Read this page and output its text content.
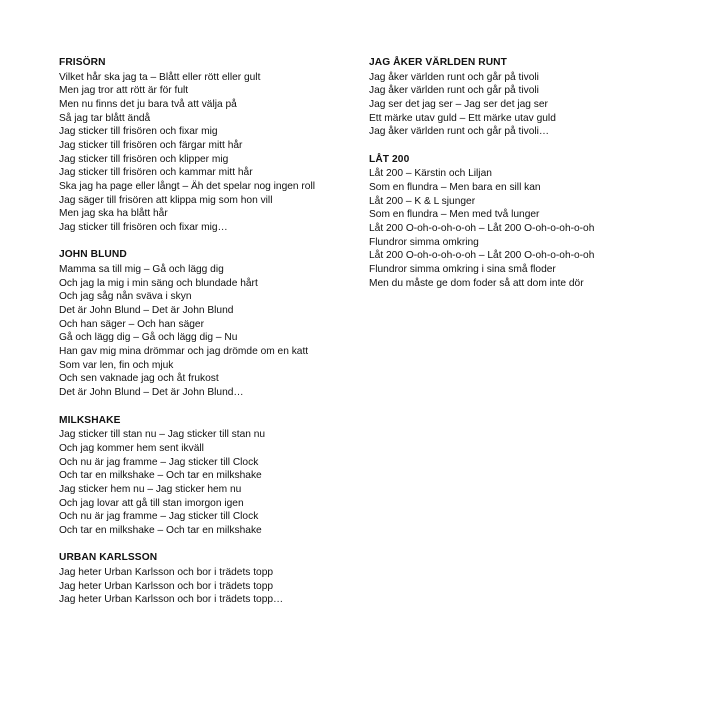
FRISÖRN
Vilket hår ska jag ta – Blått eller rött eller gult
Men jag tror att rött är för fult
Men nu finns det ju bara två att välja på
Så jag tar blått ändå
Jag sticker till frisören och fixar mig
Jag sticker till frisören och färgar mitt hår
Jag sticker till frisören och klipper mig
Jag sticker till frisören och kammar mitt hår
Ska jag ha page eller långt – Äh det spelar nog ingen roll
Jag säger till frisören att klippa mig som hon vill
Men jag ska ha blått hår
Jag sticker till frisören och fixar mig…
JOHN BLUND
Mamma sa till mig – Gå och lägg dig
Och jag la mig i min säng och blundade hårt
Och jag såg nån sväva i skyn
Det är John Blund – Det är John Blund
Och han säger – Och han säger
Gå och lägg dig – Gå och lägg dig – Nu
Han gav mig mina drömmar och jag drömde om en katt
Som var len, fin och mjuk
Och sen vaknade jag och åt frukost
Det är John Blund – Det är John Blund…
MILKSHAKE
Jag sticker till stan nu – Jag sticker till stan nu
Och jag kommer hem sent ikväll
Och nu är jag framme – Jag sticker till Clock
Och tar en milkshake – Och tar en milkshake
Jag sticker hem nu – Jag sticker hem nu
Och jag lovar att gå till stan imorgon igen
Och nu är jag framme – Jag sticker till Clock
Och tar en milkshake – Och tar en milkshake
URBAN KARLSSON
Jag heter Urban Karlsson och bor i trädets topp
Jag heter Urban Karlsson och bor i trädets topp
Jag heter Urban Karlsson och bor i trädets topp…
JAG ÅKER VÄRLDEN RUNT
Jag åker världen runt och går på tivoli
Jag åker världen runt och går på tivoli
Jag ser det jag ser – Jag ser det jag ser
Ett märke utav guld – Ett märke utav guld
Jag åker världen runt och går på tivoli…
LÅT 200
Låt 200 – Kärstin och Liljan
Som en flundra – Men bara en sill kan
Låt 200 – K & L sjunger
Som en flundra – Men med två lunger
Låt 200 O-oh-o-oh-o-oh – Låt 200 O-oh-o-oh-o-oh
Flundror simma omkring
Låt 200 O-oh-o-oh-o-oh – Låt 200 O-oh-o-oh-o-oh
Flundror simma omkring i sina små floder
Men du måste ge dom foder så att dom inte dör
